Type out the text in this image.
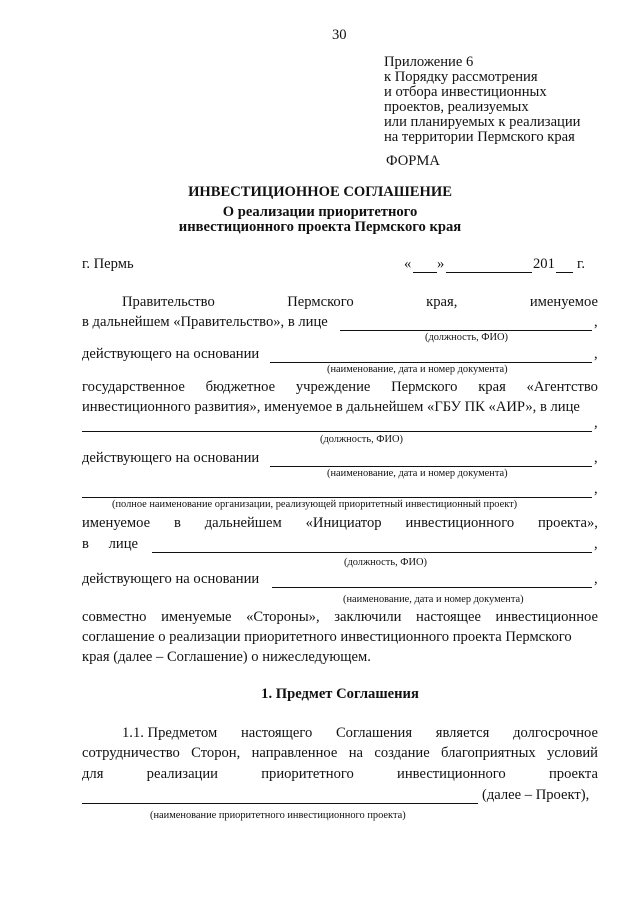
30
Приложение 6
к Порядку рассмотрения
и отбора инвестиционных
проектов, реализуемых
или планируемых к реализации
на территории Пермского края
ФОРМА
ИНВЕСТИЦИОННОЕ СОГЛАШЕНИЕ
О реализации приоритетного
инвестиционного проекта Пермского края
г. Пермь	« »	201 г.
Правительство	Пермского	края,	именуемое
в дальнейшем «Правительство», в лице	,
(должность, ФИО)
действующего на основании	,
(наименование, дата и номер документа)
государственное бюджетное учреждение Пермского края «Агентство
инвестиционного развития», именуемое в дальнейшем «ГБУ ПК «АИР», в лице
,
(должность, ФИО)
действующего на основании	,
(наименование, дата и номер документа)
,
(полное наименование организации, реализующей приоритетный инвестиционный проект)
именуемое в дальнейшем «Инициатор инвестиционного проекта»,
в лице	,
(должность, ФИО)
действующего на основании	,
(наименование, дата и номер документа)
совместно именуемые «Стороны», заключили настоящее инвестиционное
соглашение о реализации приоритетного инвестиционного проекта Пермского
края (далее – Соглашение) о нижеследующем.
1. Предмет Соглашения
1.1. Предметом настоящего Соглашения является долгосрочное
сотрудничество Сторон, направленное на создание благоприятных условий
для	реализации	приоритетного	инвестиционного	проекта
(далее – Проект),
(наименование приоритетного инвестиционного проекта)
